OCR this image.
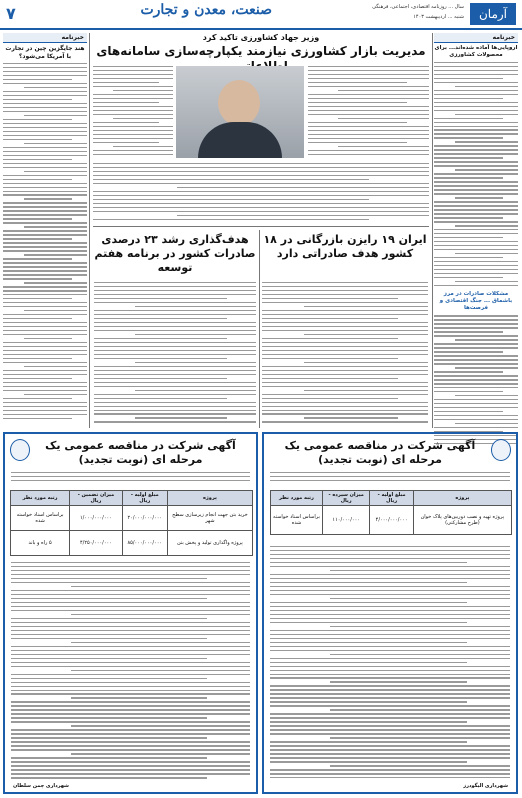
آرمان
صنعت، معدن و تجارت	سال ... روزنامه اقتصادی، اجتماعی، فرهنگی
شنبه ... اردیبهشت ۱۴۰۳
۷
خبرنامه
هند جایگزین چین در تجارت با آمریکا می‌شود؟
خبرنامه
اروپایی‌ها آماده شده‌اند... برای محصولات کشاورزی
مشکلات صادرات در مرز باشماق ... جنگ اقتصادی و فرصت‌ها
وزیر جهاد کشاورزی تاکید کرد
مدیریت بازار کشاورزی نیازمند یکپارچه‌سازی سامانه‌های
ایران ۱۹ رایزن بازرگانی در ۱۸ کشور هدف صادراتی دارد
هدف‌گذاری رشد ۲۳ درصدی صادرات کشور در برنامه هفتم توسعه
آگهی شرکت در مناقصه عمومی یک مرحله ای (نوبت تجدید)
پروژه	مبلغ اولیه - ریال	میزان سپرده - ریال	رتبه مورد نظر
پروژه تهیه و نصب دوربین‌های پلاک خوان (طرح مشارکتی)	۴/۰۰۰/۰۰۰/۰۰۰	۱۱۰/۰۰۰/۰۰۰	براساس اسناد خواسته شده
شهرداری الیگودرز
آگهی شرکت در مناقصه عمومی یک مرحله ای (نوبت تجدید)
پروژه	مبلغ اولیه - ریال	میزان تضمین - ریال	رتبه مورد نظر
خرید بتن جهت انجام زیرسازی سطح شهر	۲۰/۰۰۰/۰۰۰/۰۰۰	۱/۰۰۰/۰۰۰/۰۰۰	براساس اسناد خواسته شده
پروژه واگذاری تولید و پخش بتن	۸۵/۰۰۰/۰۰۰/۰۰۰	۴/۲۵۰/۰۰۰/۰۰۰	۵ راه و باند
شهرداری چمن سلطان
